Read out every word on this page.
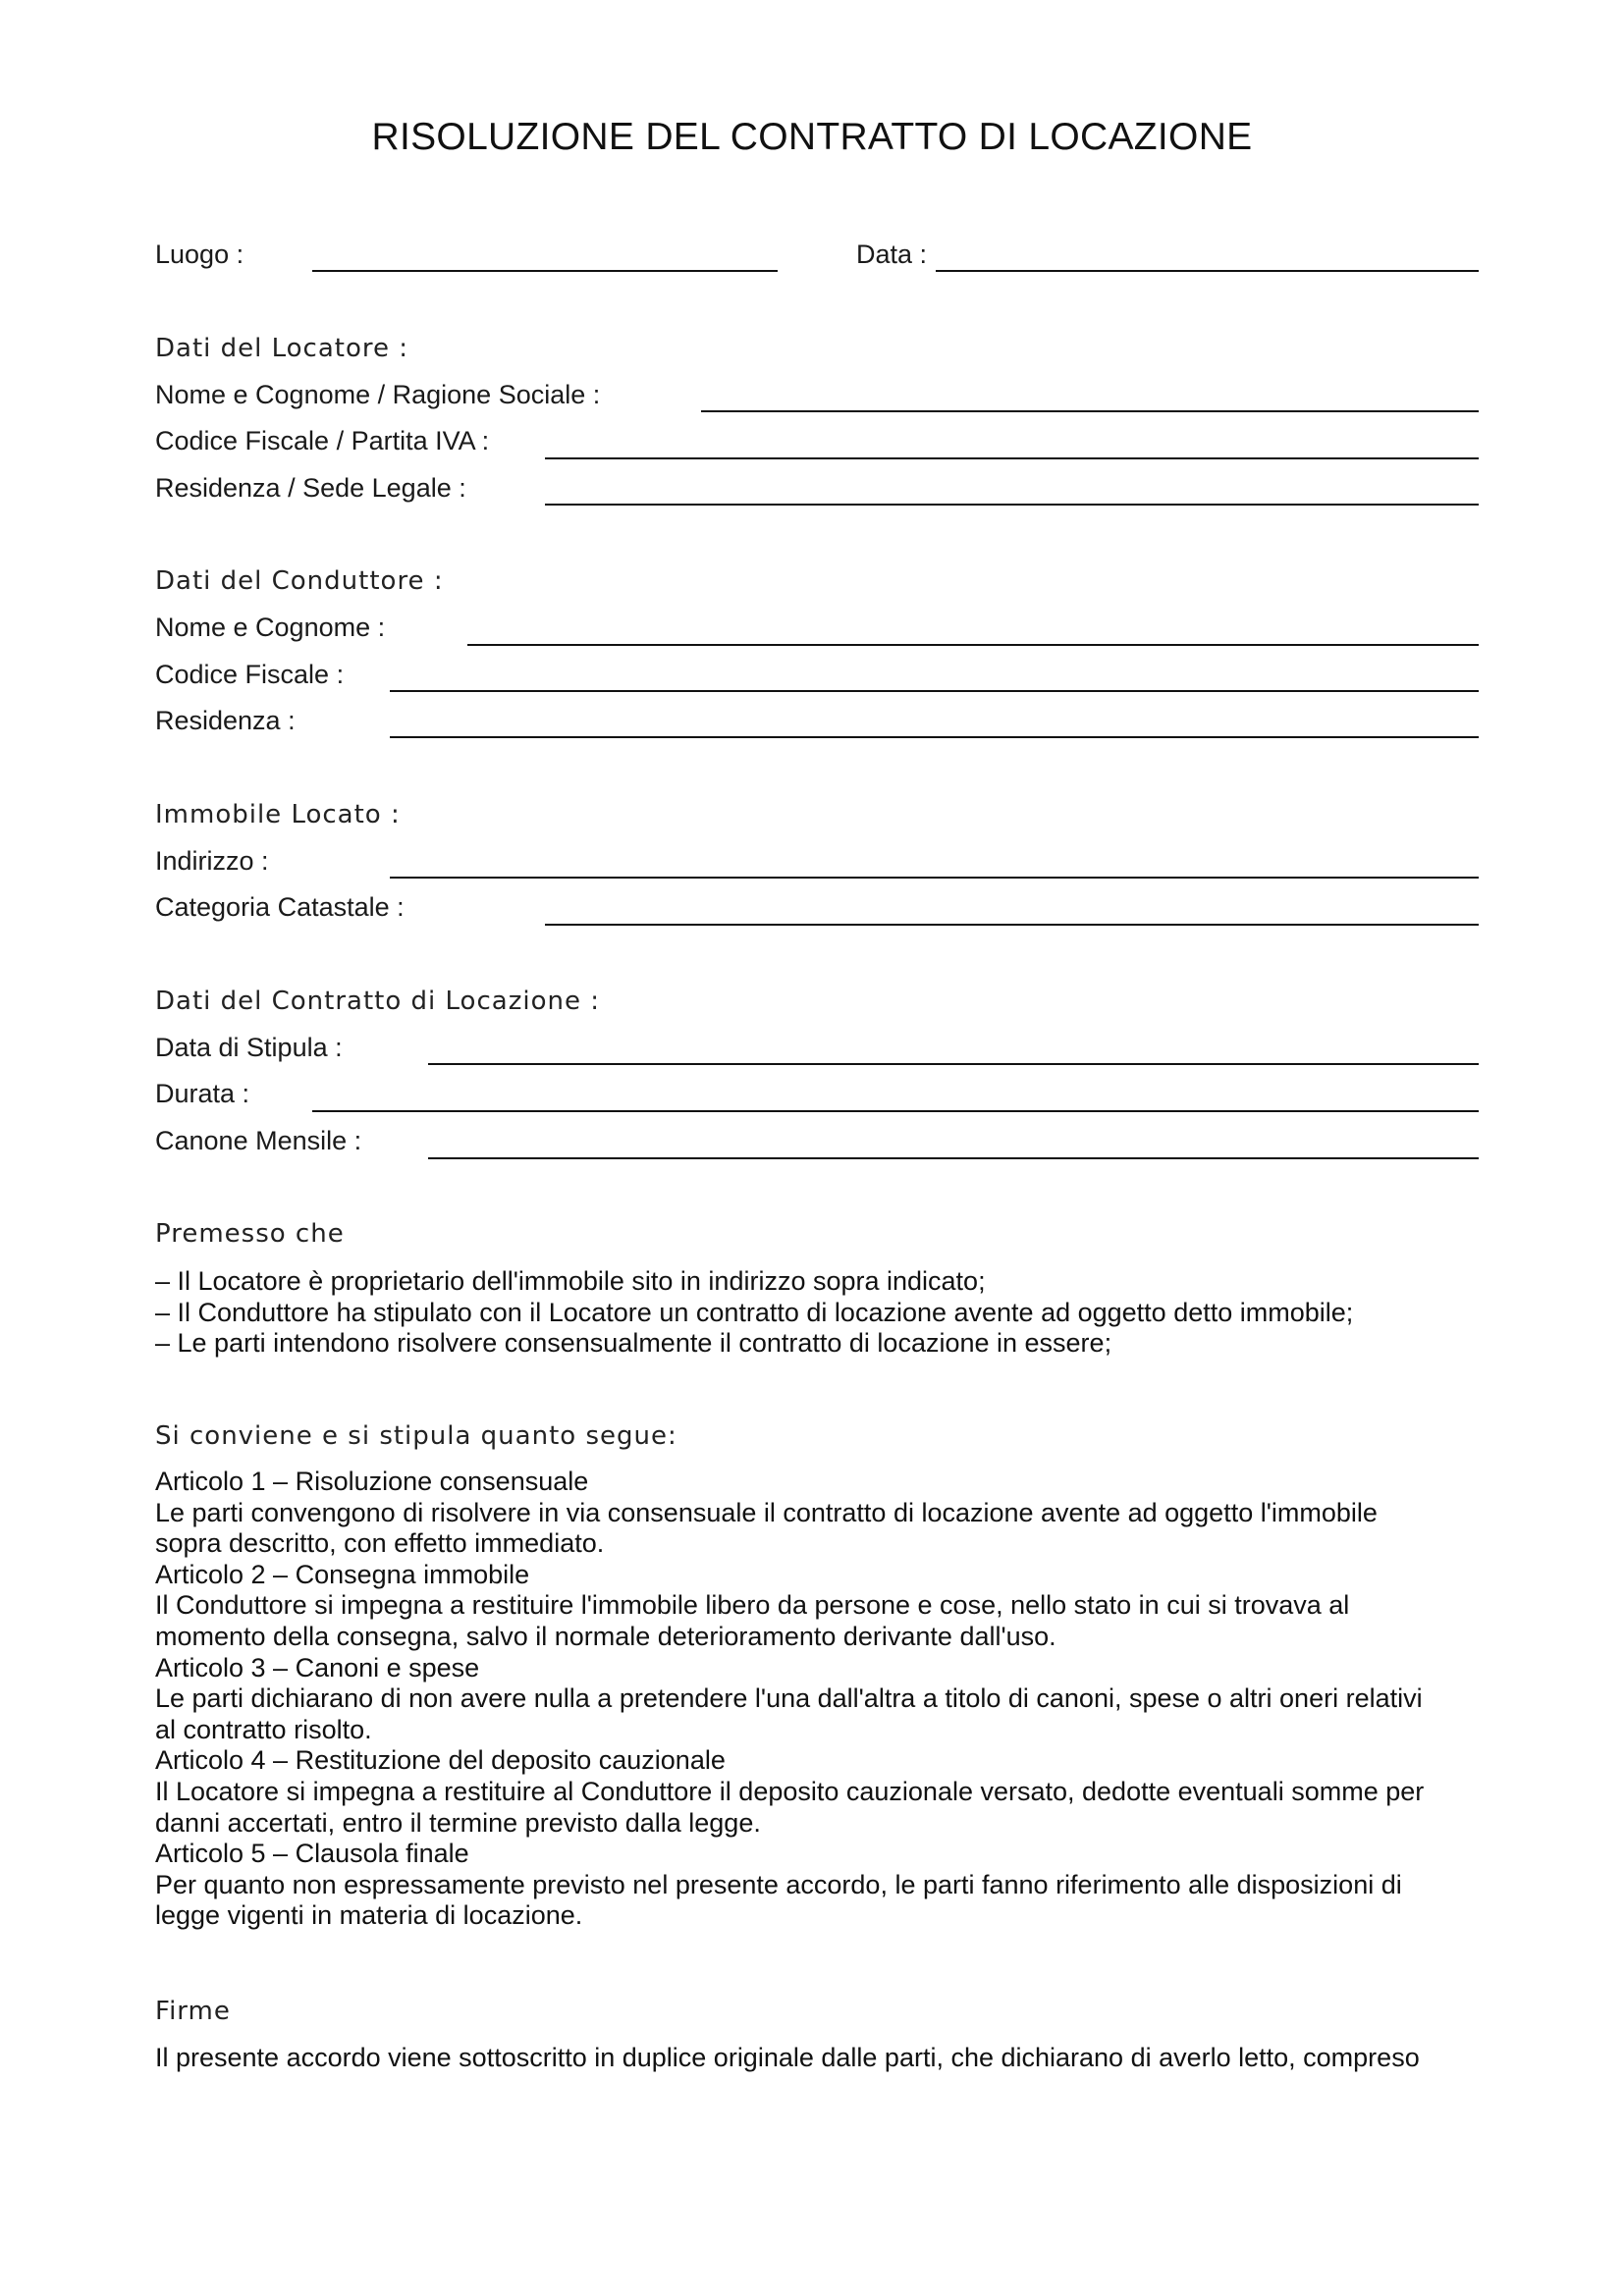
RISOLUZIONE DEL CONTRATTO DI LOCAZIONE
Luogo :	Data :
Dati del Locatore :
Nome e Cognome / Ragione Sociale :
Codice Fiscale / Partita IVA :
Residenza / Sede Legale :
Dati del Conduttore :
Nome e Cognome :
Codice Fiscale :
Residenza :
Immobile Locato :
Indirizzo :
Categoria Catastale :
Dati del Contratto di Locazione :
Data di Stipula :
Durata :
Canone Mensile :
Premesso che
– Il Locatore è proprietario dell'immobile sito in indirizzo sopra indicato;
– Il Conduttore ha stipulato con il Locatore un contratto di locazione avente ad oggetto detto immobile;
– Le parti intendono risolvere consensualmente il contratto di locazione in essere;
Si conviene e si stipula quanto segue:
Articolo 1 – Risoluzione consensuale
Le parti convengono di risolvere in via consensuale il contratto di locazione avente ad oggetto l'immobile
sopra descritto, con effetto immediato.
Articolo 2 – Consegna immobile
Il Conduttore si impegna a restituire l'immobile libero da persone e cose, nello stato in cui si trovava al
momento della consegna, salvo il normale deterioramento derivante dall'uso.
Articolo 3 – Canoni e spese
Le parti dichiarano di non avere nulla a pretendere l'una dall'altra a titolo di canoni, spese o altri oneri relativi
al contratto risolto.
Articolo 4 – Restituzione del deposito cauzionale
Il Locatore si impegna a restituire al Conduttore il deposito cauzionale versato, dedotte eventuali somme per
danni accertati, entro il termine previsto dalla legge.
Articolo 5 – Clausola finale
Per quanto non espressamente previsto nel presente accordo, le parti fanno riferimento alle disposizioni di
legge vigenti in materia di locazione.
Firme
Il presente accordo viene sottoscritto in duplice originale dalle parti, che dichiarano di averlo letto, compreso
